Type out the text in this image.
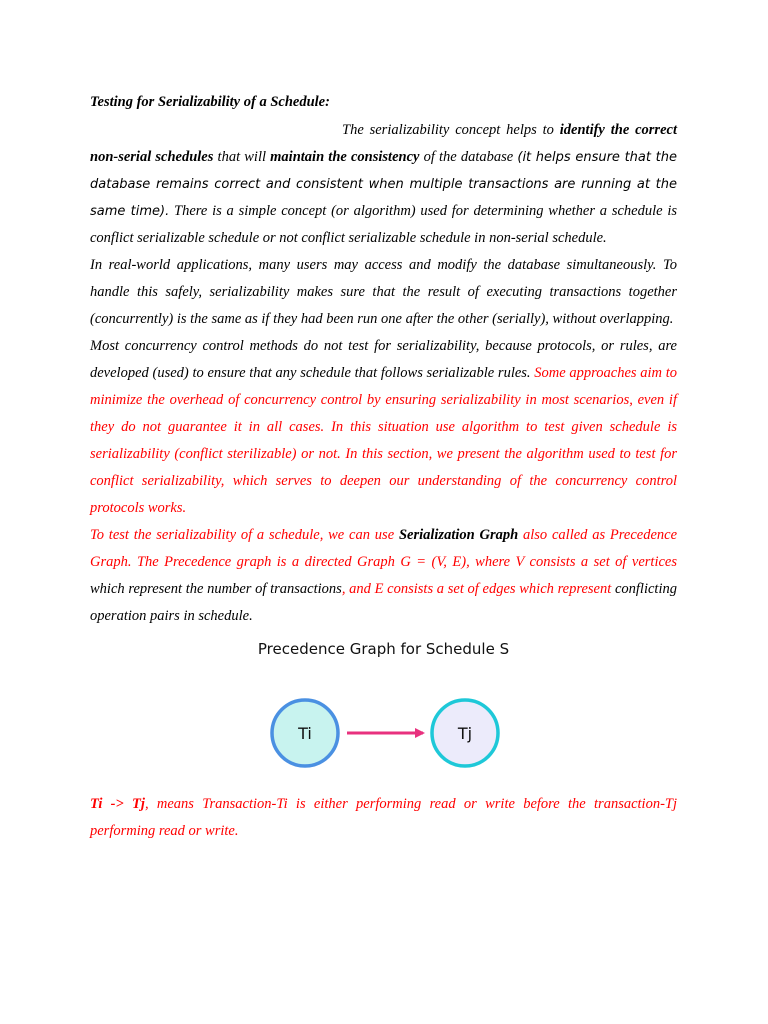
Testing for Serializability of a Schedule:

The serializability concept helps to identify the correct non-serial schedules that will maintain the consistency of the database (it helps ensure that the database remains correct and consistent when multiple transactions are running at the same time). There is a simple concept (or algorithm) used for determining whether a schedule is conflict serializable schedule or not conflict serializable schedule in non-serial schedule.

In real-world applications, many users may access and modify the database simultaneously. To handle this safely, serializability makes sure that the result of executing transactions together (concurrently) is the same as if they had been run one after the other (serially), without overlapping.

Most concurrency control methods do not test for serializability, because protocols, or rules, are developed (used) to ensure that any schedule that follows serializable rules. Some approaches aim to minimize the overhead of concurrency control by ensuring serializability in most scenarios, even if they do not guarantee it in all cases. In this situation use algorithm to test given schedule is serializability (conflict sterilizable) or not. In this section, we present the algorithm used to test for conflict serializability, which serves to deepen our understanding of the concurrency control protocols works.

To test the serializability of a schedule, we can use Serialization Graph also called as Precedence Graph. The Precedence graph is a directed Graph G = (V, E), where V consists a set of vertices which represent the number of transactions, and E consists a set of edges which represent conflicting operation pairs in schedule.

Precedence Graph for Schedule S
Ti	Tj

Ti -> Tj, means Transaction-Ti is either performing read or write before the transaction-Tj performing read or write.
